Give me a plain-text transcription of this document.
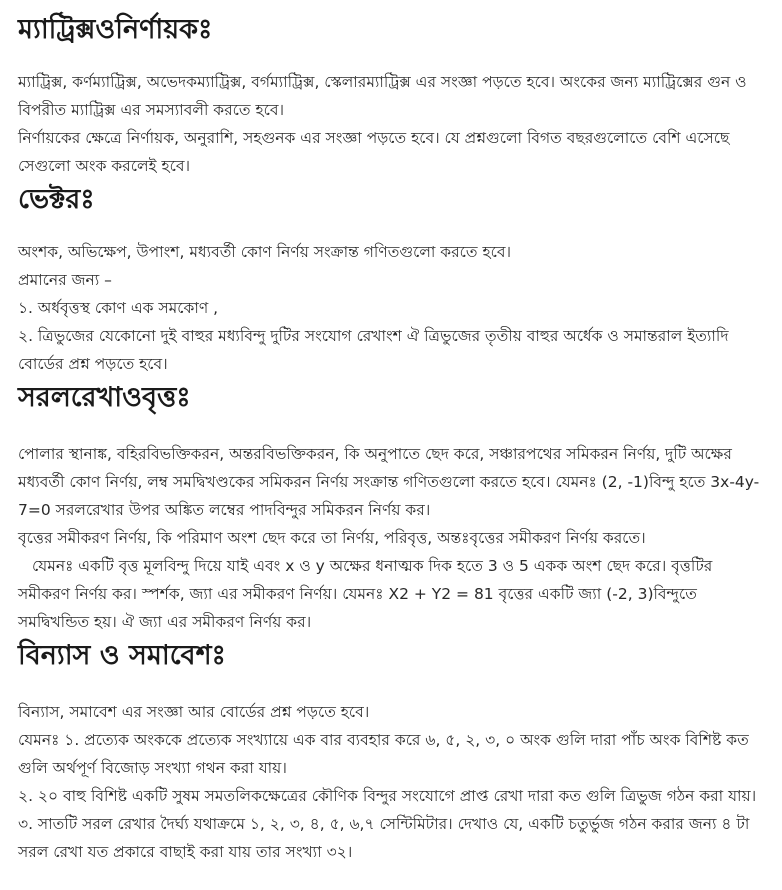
ম্যাট্রিক্সওনির্ণায়কঃ

ম্যাট্রিক্স, কর্ণম্যাট্রিক্স, অভেদকম্যাট্রিক্স, বর্গম্যাট্রিক্স, স্কেলারম্যাট্রিক্স এর সংজ্ঞা পড়তে হবে। অংকের জন্য ম্যাট্রিক্সের গুন ও বিপরীত ম্যাট্রিক্স এর সমস্যাবলী করতে হবে।

নির্ণায়কের ক্ষেত্রে নির্ণায়ক, অনুরাশি, সহগুনক এর সংজ্ঞা পড়তে হবে। যে প্রশ্নগুলো বিগত বছরগুলোতে বেশি এসেছে সেগুলো অংক করলেই হবে।

ভেক্টরঃ

অংশক, অভিক্ষেপ, উপাংশ, মধ্যবর্তী কোণ নির্ণয় সংক্রান্ত গণিতগুলো করতে হবে।

প্রমানের জন্য –

১. অর্ধবৃত্তস্থ কোণ এক সমকোণ ,

২. ত্রিভুজের যেকোনো দুই বাহুর মধ্যবিন্দু দুটির সংযোগ রেখাংশ ঐ ত্রিভুজের তৃতীয় বাহুর অর্ধেক ও সমান্তরাল ইত্যাদি বোর্ডের প্রশ্ন পড়তে হবে।

সরলরেখাওবৃত্তঃ

পোলার স্থানাঙ্ক, বহিরবিভক্তিকরন, অন্তরবিভক্তিকরন, কি অনুপাতে ছেদ করে, সঞ্চারপথের সমিকরন নির্ণয়, দুটি অক্ষের মধ্যবর্তী কোণ নির্ণয়, লম্ব সমদ্বিখণ্ডকের সমিকরন নির্ণয় সংক্রান্ত গণিতগুলো করতে হবে। যেমনঃ (2, -1)বিন্দু হতে 3x-4y-7=0 সরলরেখার উপর অঙ্কিত লম্বের পাদবিন্দুর সমিকরন নির্ণয় কর।

বৃত্তের সমীকরণ নির্ণয়, কি পরিমাণ অংশ ছেদ করে তা নির্ণয়, পরিবৃত্ত, অন্তঃবৃত্তের সমীকরণ নির্ণয় করতে।

যেমনঃ একটি বৃত্ত মূলবিন্দু দিয়ে যাই এবং x ও y অক্ষের ধনাত্মক দিক হতে 3 ও 5 একক অংশ ছেদ করে। বৃত্তটির সমীকরণ নির্ণয় কর। স্পর্শক, জ্যা এর সমীকরণ নির্ণয়। যেমনঃ X2 + Y2 = 81 বৃত্তের একটি জ্যা (-2, 3)বিন্দুতে সমদ্বিখন্ডিত হয়। ঐ জ্যা এর সমীকরণ নির্ণয় কর।

বিন্যাস ও সমাবেশঃ

বিন্যাস, সমাবেশ এর সংজ্ঞা আর বোর্ডের প্রশ্ন পড়তে হবে।

যেমনঃ ১. প্রত্যেক অংককে প্রত্যেক সংখ্যায়ে এক বার ব্যবহার করে ৬, ৫, ২, ৩, ০ অংক গুলি দারা পাঁচ অংক বিশিষ্ট কত গুলি অর্থপূর্ণ বিজোড় সংখ্যা গথন করা যায়।

২. ২০ বাহু বিশিষ্ট একটি সুষম সমতলিকক্ষেত্রের কৌণিক বিন্দুর সংযোগে প্রাপ্ত রেখা দারা কত গুলি ত্রিভুজ গঠন করা যায়।

৩. সাতটি সরল রেখার দৈর্ঘ্য যথাক্রমে ১, ২, ৩, ৪, ৫, ৬,৭ সেন্টিমিটার। দেখাও যে, একটি চতুর্ভুজ গঠন করার জন্য ৪ টা সরল রেখা যত প্রকারে বাছাই করা যায় তার সংখ্যা ৩২।
